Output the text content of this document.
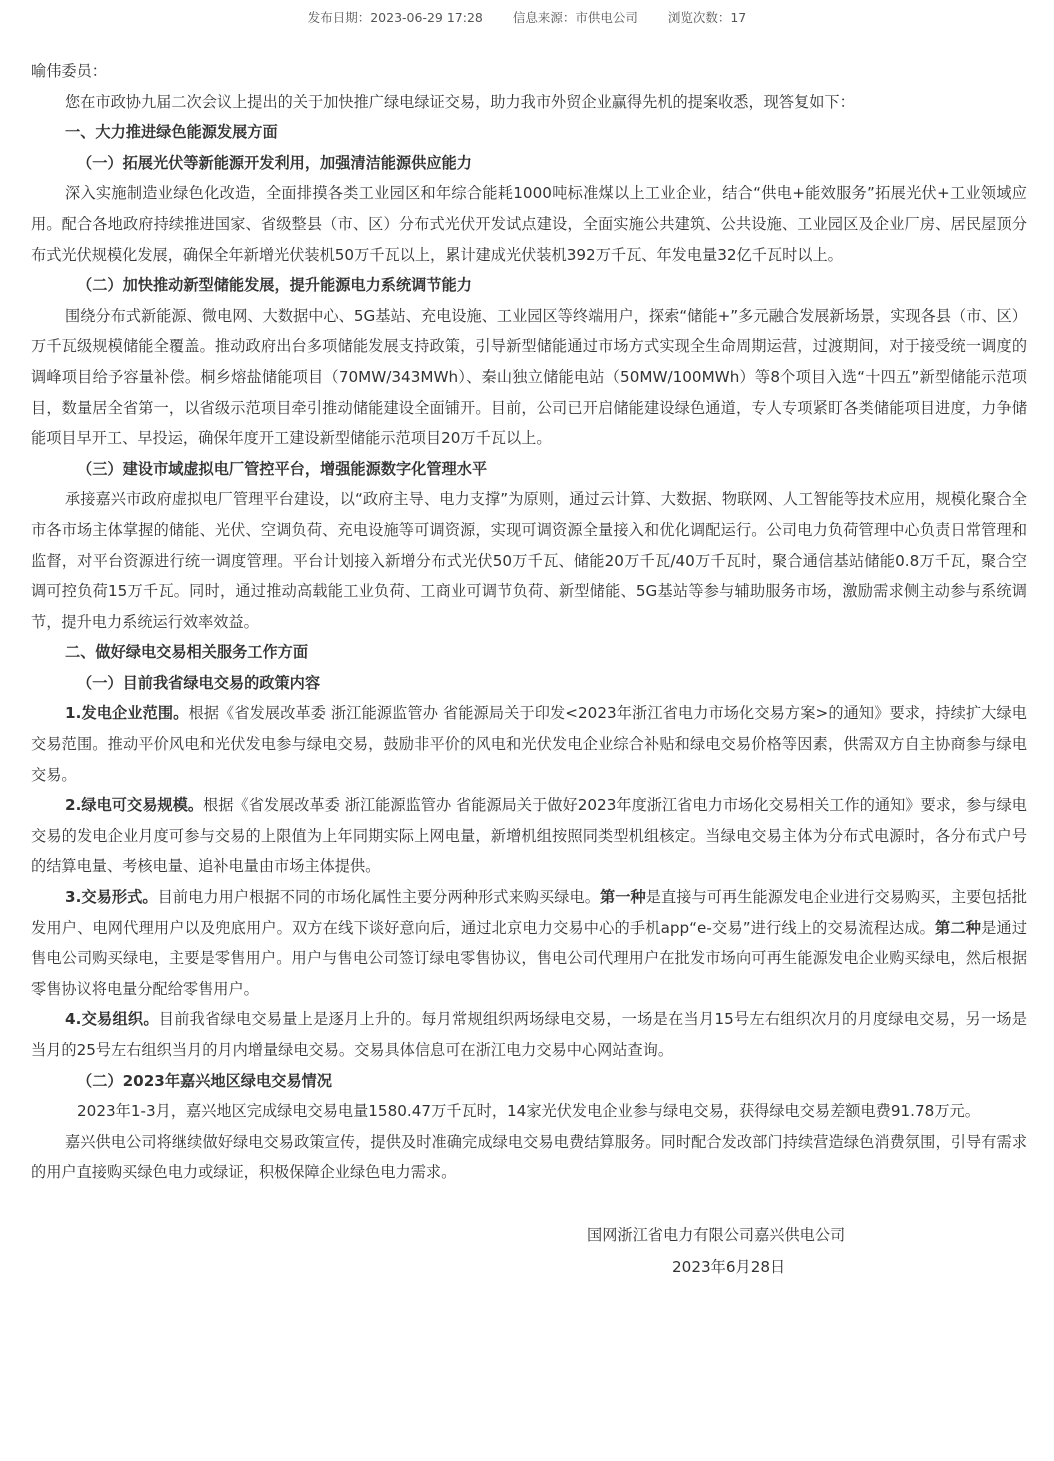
发布日期：2023-06-29 17:28 信息来源：市供电公司 浏览次数：17

喻伟委员：

您在市政协九届二次会议上提出的关于加快推广绿电绿证交易，助力我市外贸企业赢得先机的提案收悉，现答复如下：

一、大力推进绿色能源发展方面

（一）拓展光伏等新能源开发利用，加强清洁能源供应能力

深入实施制造业绿色化改造，全面排摸各类工业园区和年综合能耗1000吨标准煤以上工业企业，结合“供电+能效服务”拓展光伏+工业领域应用。配合各地政府持续推进国家、省级整县（市、区）分布式光伏开发试点建设，全面实施公共建筑、公共设施、工业园区及企业厂房、居民屋顶分布式光伏规模化发展，确保全年新增光伏装机50万千瓦以上，累计建成光伏装机392万千瓦、年发电量32亿千瓦时以上。

（二）加快推动新型储能发展，提升能源电力系统调节能力

围绕分布式新能源、微电网、大数据中心、5G基站、充电设施、工业园区等终端用户，探索“储能+”多元融合发展新场景，实现各县（市、区）万千瓦级规模储能全覆盖。推动政府出台多项储能发展支持政策，引导新型储能通过市场方式实现全生命周期运营，过渡期间，对于接受统一调度的调峰项目给予容量补偿。桐乡熔盐储能项目（70MW/343MWh）、秦山独立储能电站（50MW/100MWh）等8个项目入选“十四五”新型储能示范项目，数量居全省第一，以省级示范项目牵引推动储能建设全面铺开。目前，公司已开启储能建设绿色通道，专人专项紧盯各类储能项目进度，力争储能项目早开工、早投运，确保年度开工建设新型储能示范项目20万千瓦以上。

（三）建设市域虚拟电厂管控平台，增强能源数字化管理水平

承接嘉兴市政府虚拟电厂管理平台建设，以“政府主导、电力支撑”为原则，通过云计算、大数据、物联网、人工智能等技术应用，规模化聚合全市各市场主体掌握的储能、光伏、空调负荷、充电设施等可调资源，实现可调资源全量接入和优化调配运行。公司电力负荷管理中心负责日常管理和监督，对平台资源进行统一调度管理。平台计划接入新增分布式光伏50万千瓦、储能20万千瓦/40万千瓦时，聚合通信基站储能0.8万千瓦，聚合空调可控负荷15万千瓦。同时，通过推动高载能工业负荷、工商业可调节负荷、新型储能、5G基站等参与辅助服务市场，激励需求侧主动参与系统调节，提升电力系统运行效率效益。

二、做好绿电交易相关服务工作方面

（一）目前我省绿电交易的政策内容

1.发电企业范围。根据《省发展改革委 浙江能源监管办 省能源局关于印发<2023年浙江省电力市场化交易方案>的通知》要求，持续扩大绿电交易范围。推动平价风电和光伏发电参与绿电交易，鼓励非平价的风电和光伏发电企业综合补贴和绿电交易价格等因素，供需双方自主协商参与绿电交易。

2.绿电可交易规模。根据《省发展改革委 浙江能源监管办 省能源局关于做好2023年度浙江省电力市场化交易相关工作的通知》要求，参与绿电交易的发电企业月度可参与交易的上限值为上年同期实际上网电量，新增机组按照同类型机组核定。当绿电交易主体为分布式电源时，各分布式户号的结算电量、考核电量、追补电量由市场主体提供。

3.交易形式。目前电力用户根据不同的市场化属性主要分两种形式来购买绿电。第一种是直接与可再生能源发电企业进行交易购买，主要包括批发用户、电网代理用户以及兜底用户。双方在线下谈好意向后，通过北京电力交易中心的手机app“e-交易”进行线上的交易流程达成。第二种是通过售电公司购买绿电，主要是零售用户。用户与售电公司签订绿电零售协议，售电公司代理用户在批发市场向可再生能源发电企业购买绿电，然后根据零售协议将电量分配给零售用户。

4.交易组织。目前我省绿电交易量上是逐月上升的。每月常规组织两场绿电交易，一场是在当月15号左右组织次月的月度绿电交易，另一场是当月的25号左右组织当月的月内增量绿电交易。交易具体信息可在浙江电力交易中心网站查询。

（二）2023年嘉兴地区绿电交易情况

2023年1-3月，嘉兴地区完成绿电交易电量1580.47万千瓦时，14家光伏发电企业参与绿电交易，获得绿电交易差额电费91.78万元。

嘉兴供电公司将继续做好绿电交易政策宣传，提供及时准确完成绿电交易电费结算服务。同时配合发改部门持续营造绿色消费氛围，引导有需求的用户直接购买绿色电力或绿证，积极保障企业绿色电力需求。

国网浙江省电力有限公司嘉兴供电公司

2023年6月28日
